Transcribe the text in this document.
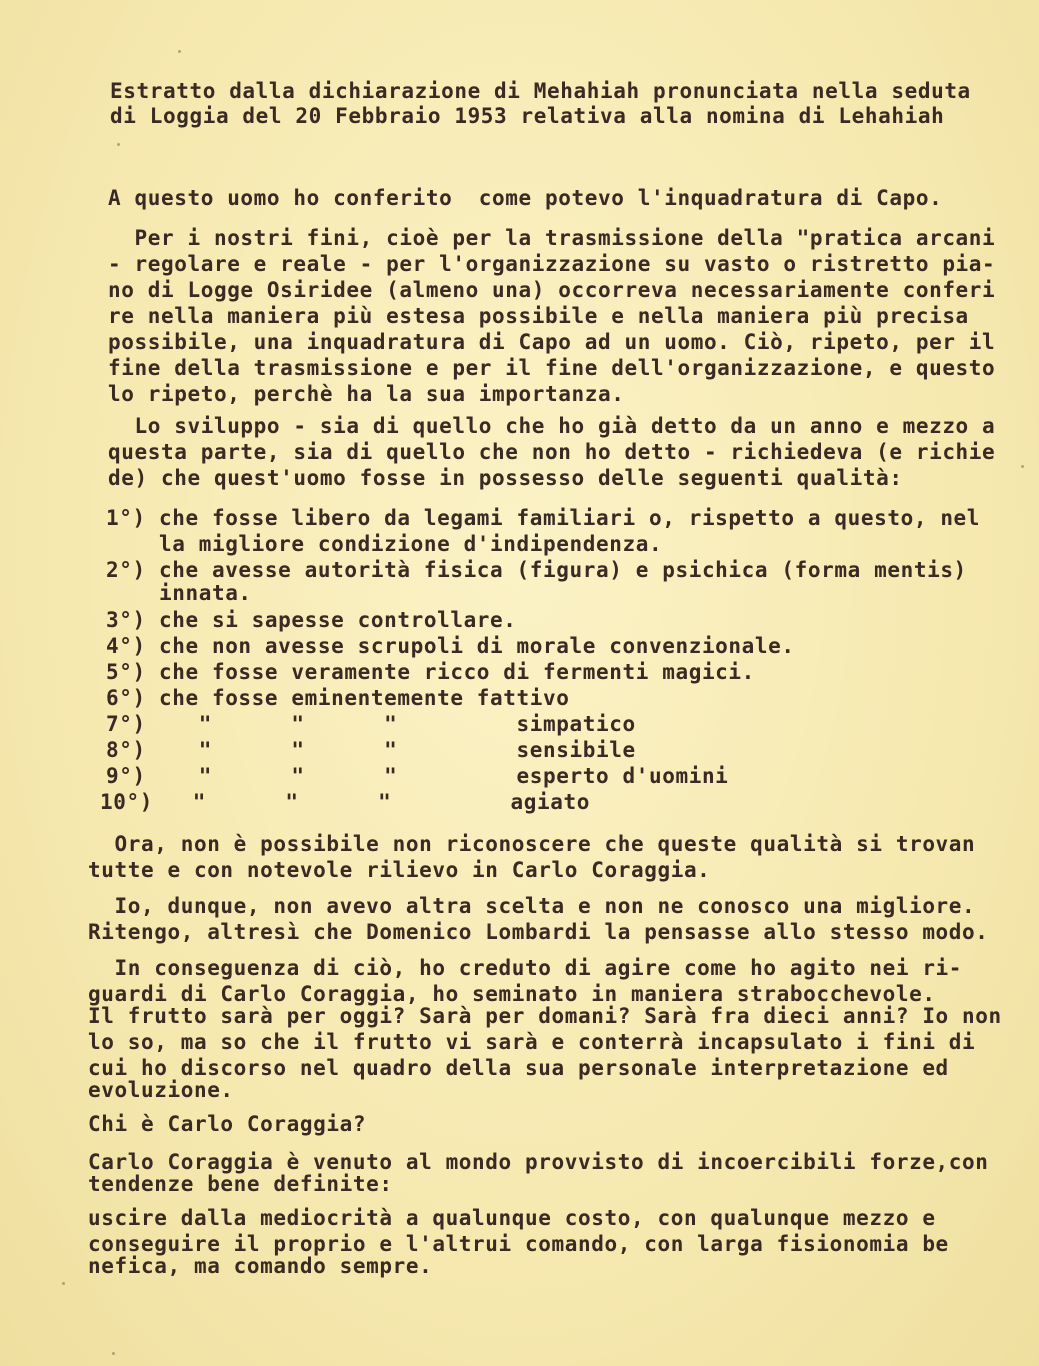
Estratto dalla dichiarazione di Mehahiah pronunciata nella seduta

di Loggia del 20 Febbraio 1953 relativa alla nomina di Lehahiah

A questo uomo ho conferito  come potevo l'inquadratura di Capo.

Per i nostri fini, cioè per la trasmissione della "pratica arcani

- regolare e reale - per l'organizzazione su vasto o ristretto pia-

no di Logge Osiridee (almeno una) occorreva necessariamente conferi

re nella maniera più estesa possibile e nella maniera più precisa

possibile, una inquadratura di Capo ad un uomo. Ciò, ripeto, per il

fine della trasmissione e per il fine dell'organizzazione, e questo

lo ripeto, perchè ha la sua importanza.

Lo sviluppo - sia di quello che ho già detto da un anno e mezzo a

questa parte, sia di quello che non ho detto - richiedeva (e richie

de) che quest'uomo fosse in possesso delle seguenti qualità:

1°) che fosse libero da legami familiari o, rispetto a questo, nel

la migliore condizione d'indipendenza.

2°) che avesse autorità fisica (figura) e psichica (forma mentis)

innata.

3°) che si sapesse controllare.

4°) che non avesse scrupoli di morale convenzionale.

5°) che fosse veramente ricco di fermenti magici.

6°) che fosse eminentemente fattivo

7°)    "      "      "         simpatico

8°)    "      "      "         sensibile

9°)    "      "      "         esperto d'uomini

10°)   "      "      "         agiato

Ora, non è possibile non riconoscere che queste qualità si trovan

tutte e con notevole rilievo in Carlo Coraggia.

Io, dunque, non avevo altra scelta e non ne conosco una migliore.

Ritengo, altresì che Domenico Lombardi la pensasse allo stesso modo.

In conseguenza di ciò, ho creduto di agire come ho agito nei ri-

guardi di Carlo Coraggia, ho seminato in maniera strabocchevole.

Il frutto sarà per oggi? Sarà per domani? Sarà fra dieci anni? Io non

lo so, ma so che il frutto vi sarà e conterrà incapsulato i fini di

cui ho discorso nel quadro della sua personale interpretazione ed

evoluzione.

Chi è Carlo Coraggia?

Carlo Coraggia è venuto al mondo provvisto di incoercibili forze,con

tendenze bene definite:

uscire dalla mediocrità a qualunque costo, con qualunque mezzo e

conseguire il proprio e l'altrui comando, con larga fisionomia be

nefica, ma comando sempre.
